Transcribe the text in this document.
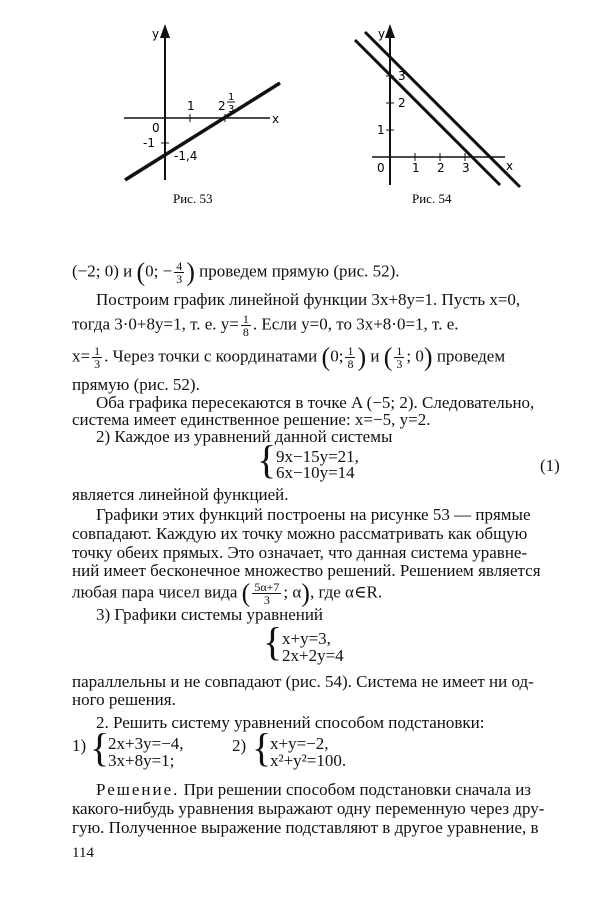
y
x
0
1 2
1
3
-1
-1,4
Рис. 53
y
x
0 1 2 3
1
2
3
Рис. 54
(−2; 0) и (0; − $\frac{4}{3}$ ) проведем прямую (рис. 52).
Построим график линейной функции 3x+8y=1. Пусть x=0,
тогда 3·0+8y=1, т. е. $y= \frac{1}{8}$ . Если y=0, то 3x+8·0=1, т. е.
$x= \frac{1}{3}$ . Через точки с координатами (0; $\frac{1}{8}$ ) и ( $\frac{1}{3}$ ; 0) проведем
прямую (рис. 52).
Оба графика пересекаются в точке A (−5; 2). Следовательно,
система имеет единственное решение: x=−5, y=2.
2) Каждое из уравнений данной системы
{ 9x−15y=21,
6x−10y=14	(1)
является линейной функцией.
Графики этих функций построены на рисунке 53 — прямые
совпадают. Каждую их точку можно рассматривать как общую
точку обеих прямых. Это означает, что данная система уравне-
ний имеет бесконечное множество решений. Решением является
любая пара чисел вида ( $\frac{5\alpha+7}{3}$ ; α), где α∈R.
3) Графики системы уравнений
{ x+y=3,
2x+2y=4
параллельны и не совпадают (рис. 54). Система не имеет ни од-
ного решения.
2. Решить систему уравнений способом подстановки:
1) {
2x+3y=−4,
3x+8y=1;
2) {
x+y=−2,
x²+y²=100.
Решение. При решении способом подстановки сначала из
какого-нибудь уравнения выражают одну переменную через дру-
гую. Полученное выражение подставляют в другое уравнение, в
114
